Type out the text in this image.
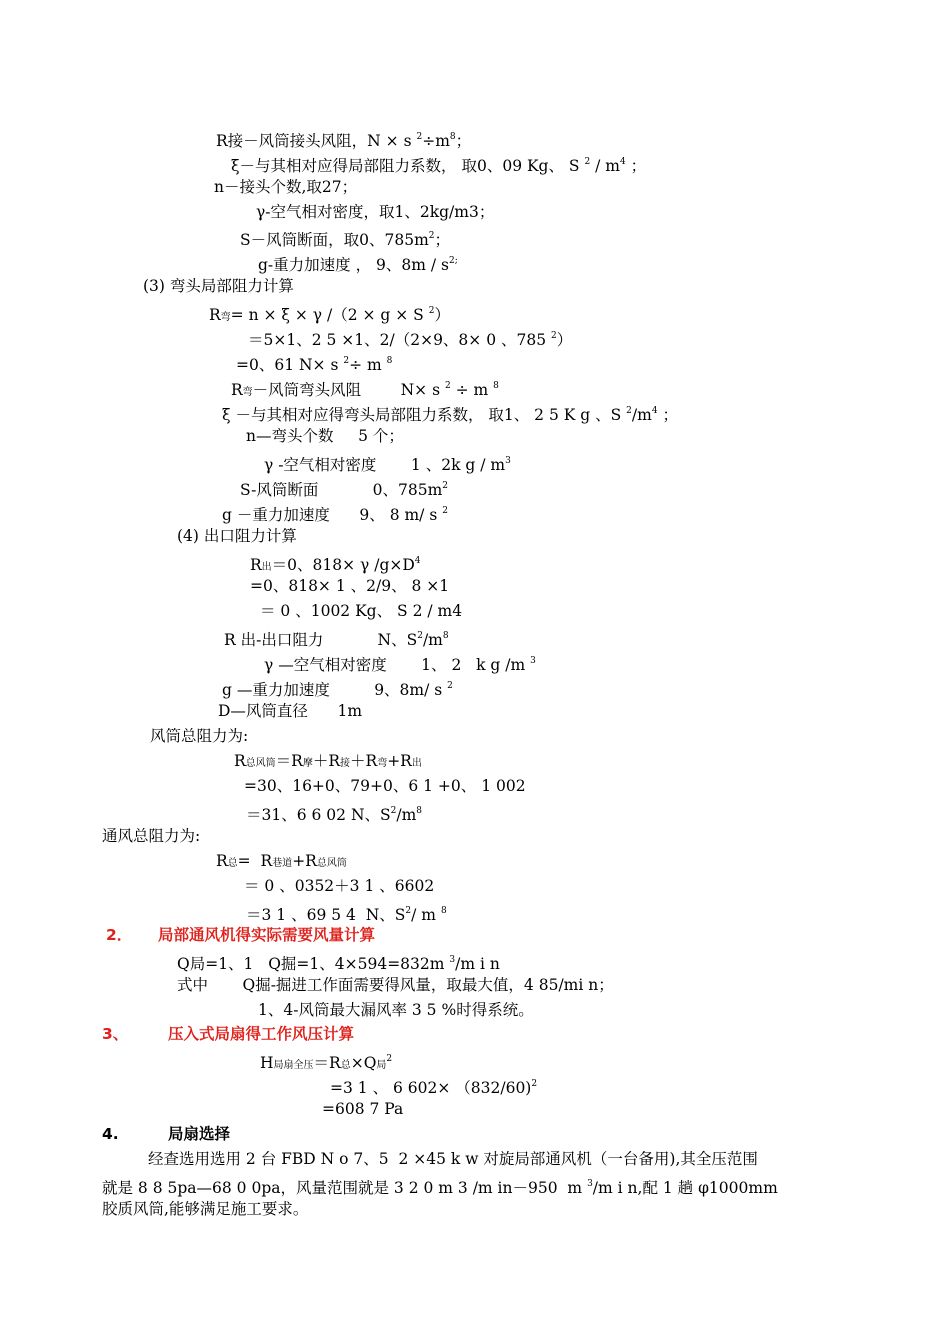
R接－风筒接头风阻，N × s $^2\div m^8$；
ξ－与其相对应得局部阻力系数， 取0、09 Kg、 S $^2 / m^4$ ；
n－接头个数,取27；
γ-空气相对密度，取1、2kg/m3；
S－风筒断面，取0、$785m^2$；
g-重力加速度 ， 9、$8m / s^{2;}$
(3) 弯头局部阻力计算
R弯= n × ξ × γ /（2 × g × S $^2$）
＝5×1、2 5 ×1、2/（2×9、8× 0 、785 $^2$）
=0、61 N× s $^2$÷ m $^8$
R弯－风筒弯头风阻        N× s $^2$ ÷ m $^8$
ξ －与其相对应得弯头局部阻力系数， 取1、 2 5 K g 、S $^2/m^4$ ；
n—弯头个数     5 个；
γ -空气相对密度       1 、2k g / $m^3$
S-风筒断面           0、$785m^2$
g －重力加速度      9、 8 m/ s $^2$
(4) 出口阻力计算
R出＝0、818× γ $/g\times D^4$
=0、818× 1 、2/9、 8 ×1
＝ 0 、1002 Kg、 S 2 / m4
R 出-出口阻力           N、$S^2/m^8$
γ —空气相对密度       1、 2   k g /m $^3$
g —重力加速度         9、8m/ s $^2$
D—风筒直径      1m
风筒总阻力为:
R总风筒＝R摩＋R接＋R弯+R出
=30、16+0、79+0、6 1 +0、 1 002
＝31、6 6 02 N、$S^2/m^8$
通风总阻力为:
R总=  R巷道+R总风筒
＝ 0 、0352＋3 1 、6602
＝3 1 、69 5 4  N、$S^2/$ m $^8$
2． 局部通风机得实际需要风量计算
Q局=1、1   Q掘=1、4×594=832m $^3$/m i n
式中       Q掘-掘进工作面需要得风量，取最大值，4 85/mi n；
1、4-风筒最大漏风率 3 5 %时得系统。
3、	压入式局扇得工作风压计算
H局扇全压＝R总×Q局$^2$
=3 1 、 6 602× （832/60)$^2$
=608 7 Pa
4.	局扇选择
经查选用选用 2 台 FBD N o 7、5  2 ×45 k w 对旋局部通风机（一台备用),其全压范围
就是 8 8 5pa—68 0 0pa，风量范围就是 3 2 0 m 3 /m in－950  m $^3$/m i n,配 1 趟 φ1000mm
胶质风筒,能够满足施工要求。
